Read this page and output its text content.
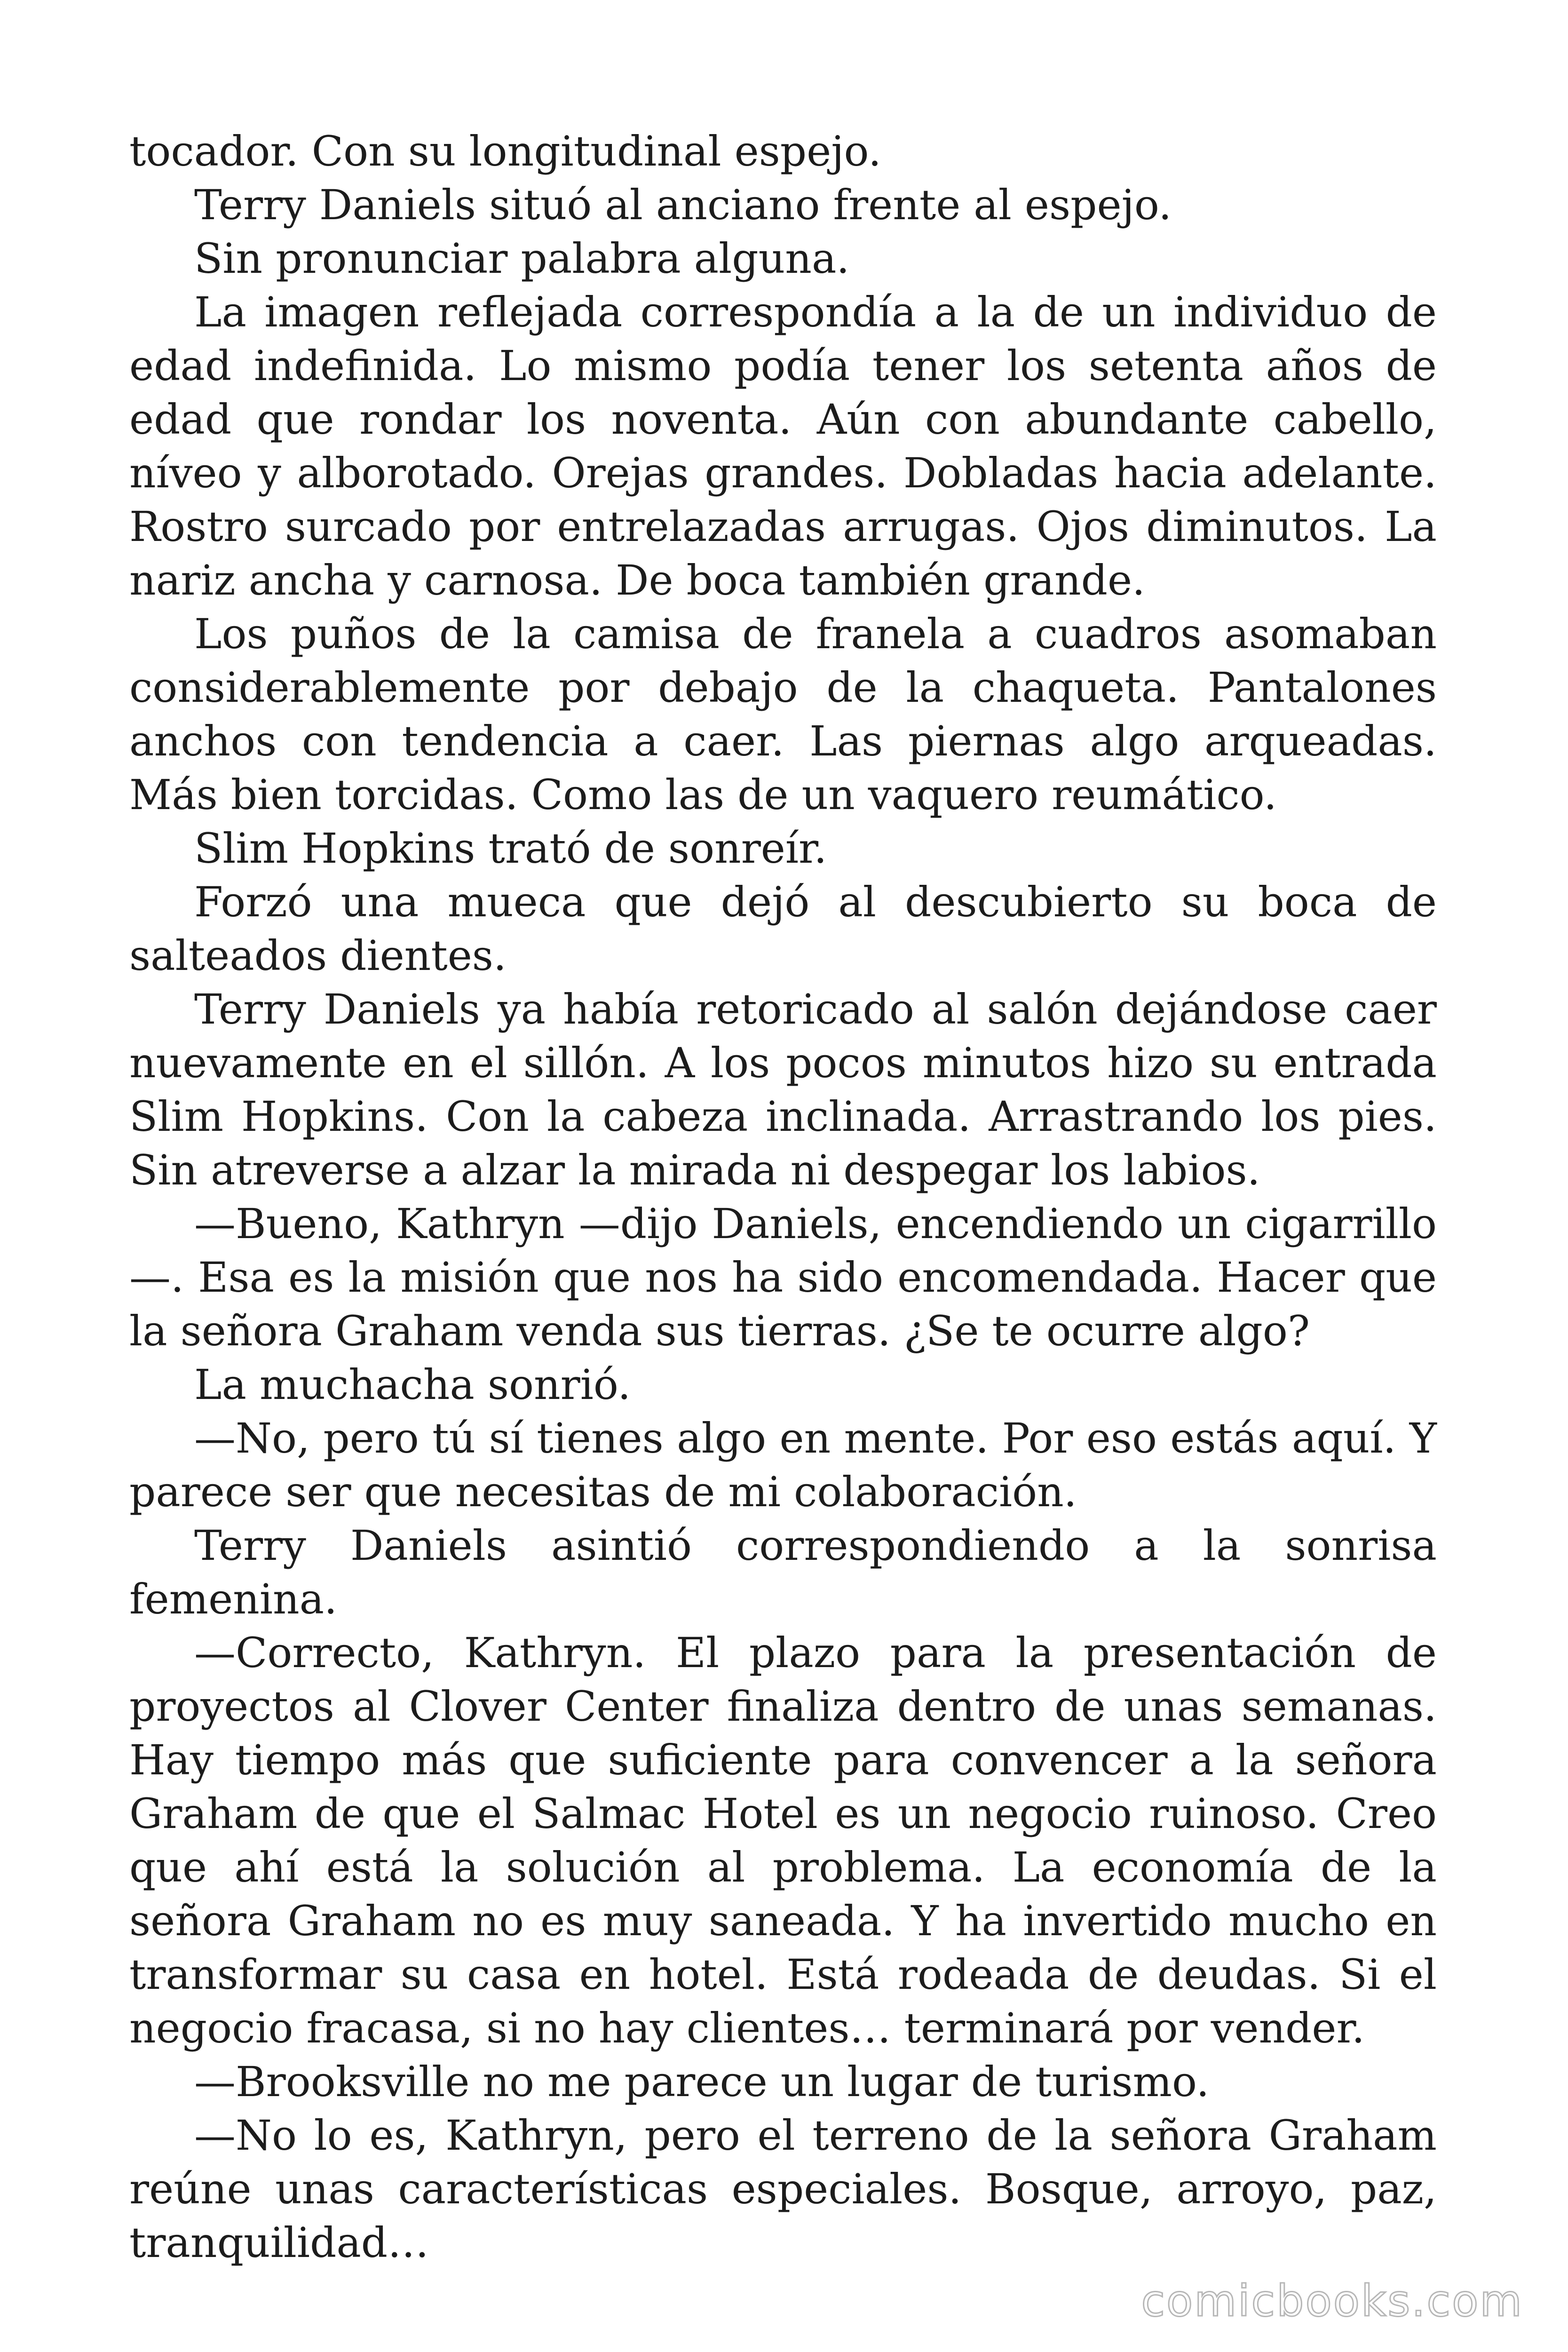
tocador. Con su longitudinal espejo.

Terry Daniels situó al anciano frente al espejo.

Sin pronunciar palabra alguna.

La imagen reflejada correspondía a la de un individuo de edad indefinida. Lo mismo podía tener los setenta años de edad que rondar los noventa. Aún con abundante cabello, níveo y alborotado. Orejas grandes. Dobladas hacia adelante. Rostro surcado por entrelazadas arrugas. Ojos diminutos. La nariz ancha y carnosa. De boca también grande.

Los puños de la camisa de franela a cuadros asomaban considerablemente por debajo de la chaqueta. Pantalones anchos con tendencia a caer. Las piernas algo arqueadas. Más bien torcidas. Como las de un vaquero reumático.

Slim Hopkins trató de sonreír.

Forzó una mueca que dejó al descubierto su boca de salteados dientes.

Terry Daniels ya había retoricado al salón dejándose caer nuevamente en el sillón. A los pocos minutos hizo su entrada Slim Hopkins. Con la cabeza inclinada. Arrastrando los pies. Sin atreverse a alzar la mirada ni despegar los labios.

—Bueno, Kathryn —dijo Daniels, encendiendo un cigarrillo—. Esa es la misión que nos ha sido encomendada. Hacer que la señora Graham venda sus tierras. ¿Se te ocurre algo?

La muchacha sonrió.

—No, pero tú sí tienes algo en mente. Por eso estás aquí. Y parece ser que necesitas de mi colaboración.

Terry Daniels asintió correspondiendo a la sonrisa femenina.

—Correcto, Kathryn. El plazo para la presentación de proyectos al Clover Center finaliza dentro de unas semanas. Hay tiempo más que suficiente para convencer a la señora Graham de que el Salmac Hotel es un negocio ruinoso. Creo que ahí está la solución al problema. La economía de la señora Graham no es muy saneada. Y ha invertido mucho en transformar su casa en hotel. Está rodeada de deudas. Si el negocio fracasa, si no hay clientes… terminará por vender.

—Brooksville no me parece un lugar de turismo.

—No lo es, Kathryn, pero el terreno de la señora Graham reúne unas características especiales. Bosque, arroyo, paz, tranquilidad…

comicbooks.com
